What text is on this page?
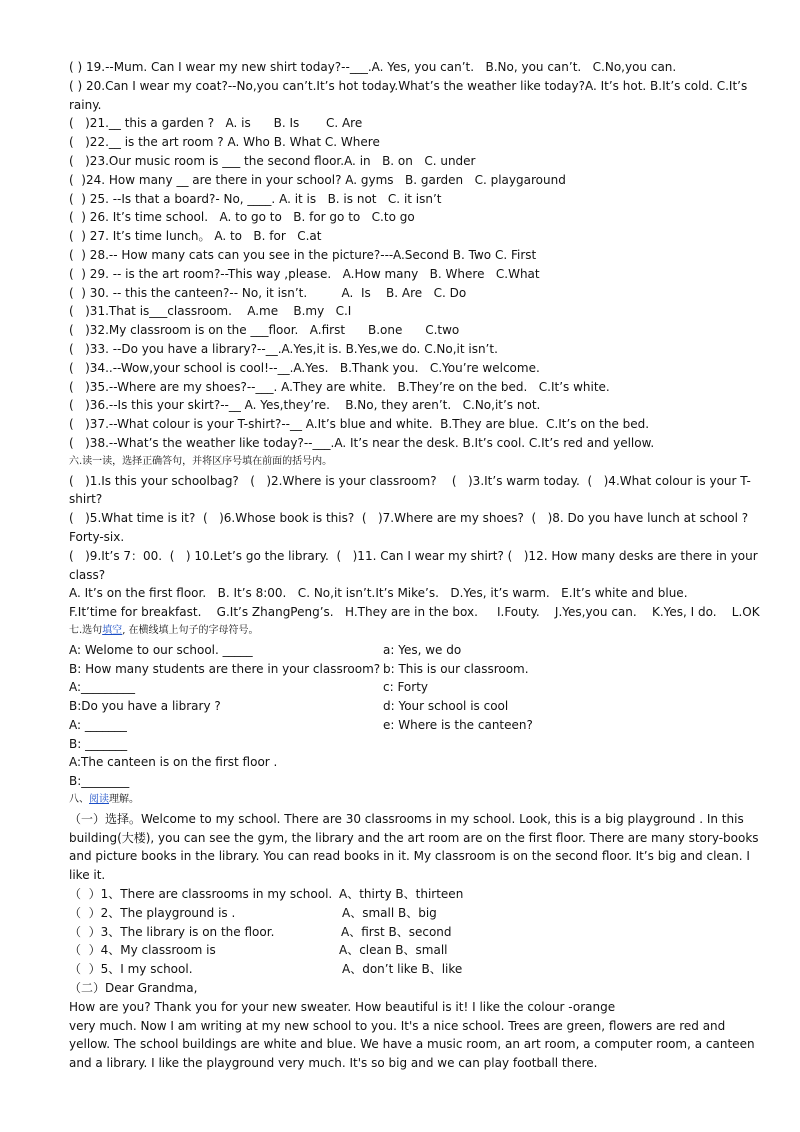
( ) 19.--Mum. Can I wear my new shirt today?--___.A. Yes, you can’t.   B.No, you can’t.   C.No,you can.
( ) 20.Can I wear my coat?--No,you can’t.It’s hot today.What’s the weather like today?A. It’s hot. B.It’s cold. C.It’s rainy.
(   )21.__ this a garden ?   A. is      B. Is       C. Are
(   )22.__ is the art room ? A. Who B. What C. Where
(   )23.Our music room is ___ the second floor.A. in   B. on   C. under
(  )24. How many __ are there in your school? A. gyms   B. garden   C. playgaround
(  ) 25. --Is that a board?- No, ____. A. it is   B. is not   C. it isn’t
(  ) 26. It’s time school.   A. to go to   B. for go to   C.to go
(  ) 27. It’s time lunch。 A. to   B. for   C.at
(  ) 28.-- How many cats can you see in the picture?---A.Second B. Two C. First
(  ) 29. -- is the art room?--This way ,please.   A.How many   B. Where   C.What
(  ) 30. -- this the canteen?-- No, it isn’t.         A.  Is    B. Are   C. Do
(   )31.That is___classroom.    A.me    B.my   C.I
(   )32.My classroom is on the ___floor.   A.first      B.one      C.two
(   )33. --Do you have a library?--__.A.Yes,it is. B.Yes,we do. C.No,it isn’t.
(   )34..--Wow,your school is cool!--__.A.Yes.   B.Thank you.   C.You’re welcome.
(   )35.--Where are my shoes?--___. A.They are white.   B.They’re on the bed.   C.It’s white.
(   )36.--Is this your skirt?--__ A. Yes,they’re.    B.No, they aren’t.   C.No,it’s not.
(   )37.--What colour is your T-shirt?--__ A.It’s blue and white.  B.They are blue.  C.It’s on the bed.
(   )38.--What’s the weather like today?--___.A. It’s near the desk. B.It’s cool. C.It’s red and yellow.
六.读一读，选择正确答句，并将区序号填在前面的括号内。
(   )1.Is this your schoolbag?   (   )2.Where is your classroom?    (   )3.It’s warm today.  (   )4.What colour is your T-shirt?
(   )5.What time is it?  (   )6.Whose book is this?  (   )7.Where are my shoes?  (   )8. Do you have lunch at school ? Forty-six.
(   )9.It’s 7：00.  (   ) 10.Let’s go the library.  (   )11. Can I wear my shirt? (   )12. How many desks are there in your class?
A. It’s on the first floor.   B. It’s 8:00.   C. No,it isn’t.It’s Mike’s.   D.Yes, it’s warm.   E.It’s white and blue.
F.It’time for breakfast.    G.It’s ZhangPeng’s.   H.They are in the box.     I.Fouty.    J.Yes,you can.    K.Yes, I do.    L.OK
七.选句填空, 在横线填上句子的字母符号。
A: Welome to our school. _____	a: Yes, we do
B: How many students are there in your classroom? b: This is our classroom.
A:_________	c: Forty
B:Do you have a library ?	d: Your school is cool
A: _______	e: Where is the canteen?
B: _______
A:The canteen is on the first floor .
B:________
八、阅读理解。
（一）选择。Welcome to my school. There are 30 classrooms in my school. Look, this is a big playground . In this building(大楼), you can see the gym, the library and the art room are on the first floor. There are many story-books and picture books in the library. You can read books in it. My classroom is on the second floor. It’s big and clean. I like it.
（  ）1、There are classrooms in my school. A、thirty B、thirteen
（  ）2、The playground is .	A、small B、big
（  ）3、The library is on the floor.	A、first B、second
（  ）4、My classroom is	A、clean B、small
（  ）5、I my school.	A、don’t like B、like
（二）Dear Grandma,
How are you? Thank you for your new sweater. How beautiful is it! I like the colour -orange
very much. Now I am writing at my new school to you. It's a nice school. Trees are green, flowers are red and yellow. The school buildings are white and blue. We have a music room, an art room, a computer room, a canteen and a library. I like the playground very much. It's so big and we can play football there.
